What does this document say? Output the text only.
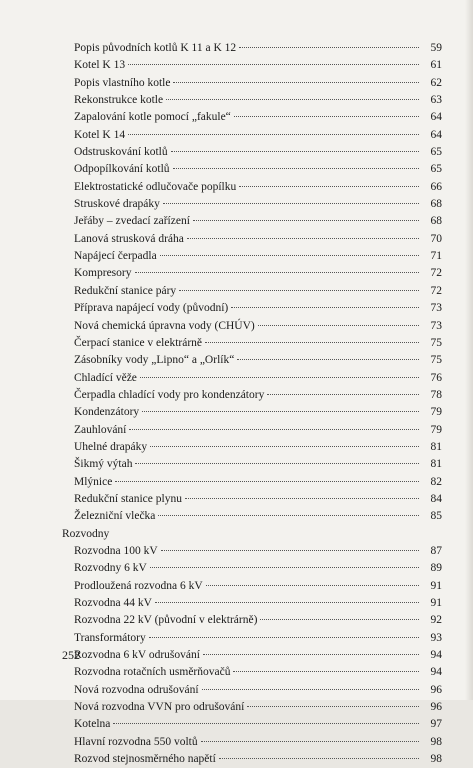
Popis původních kotlů K 11 a K 12	59
Kotel K 13	61
Popis vlastního kotle	62
Rekonstrukce kotle	63
Zapalování kotle pomocí „fakule“	64
Kotel K 14	64
Odstruskování kotlů	65
Odpopílkování kotlů	65
Elektrostatické odlučovače popílku	66
Struskové drapáky	68
Jeřáby – zvedací zařízení	68
Lanová strusková dráha	70
Napájecí čerpadla	71
Kompresory	72
Redukční stanice páry	72
Příprava napájecí vody (původní)	73
Nová chemická úpravna vody (CHÚV)	73
Čerpací stanice v elektrárně	75
Zásobníky vody „Lipno“ a „Orlík“	75
Chladící věže	76
Čerpadla chladící vody pro kondenzátory	78
Kondenzátory	79
Zauhlování	79
Uhelné drapáky	81
Šikmý výtah	81
Mlýnice	82
Redukční stanice plynu	84
Železniční vlečka	85
Rozvodny
Rozvodna 100 kV	87
Rozvodny 6 kV	89
Prodloužená rozvodna 6 kV	91
Rozvodna 44 kV	91
Rozvodna 22 kV (původní v elektrárně)	92
Transformátory	93
Rozvodna 6 kV odrušování	94
Rozvodna rotačních usměrňovačů	94
Nová rozvodna odrušování	96
Nová rozvodna VVN pro odrušování	96
Kotelna	97
Hlavní rozvodna 550 voltů	98
Rozvod stejnosměrného napětí	98
252
